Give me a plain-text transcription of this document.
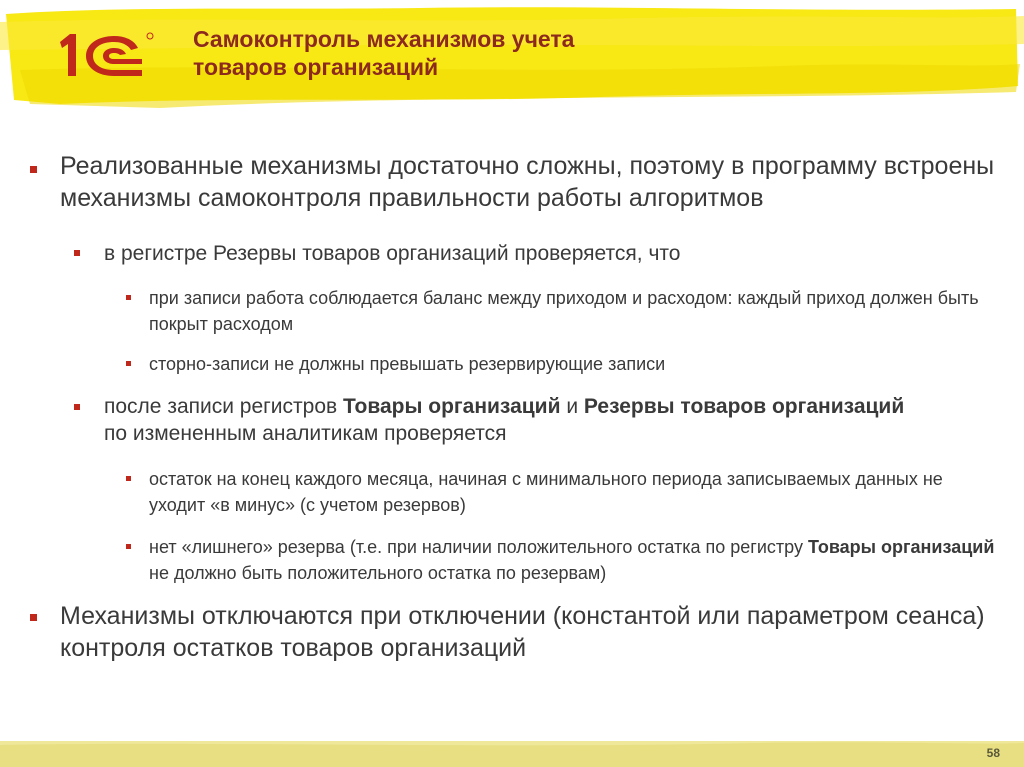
Самоконтроль механизмов учета
товаров организаций

Реализованные механизмы достаточно сложны, поэтому в программу встроены механизмы самоконтроля правильности работы алгоритмов

в регистре Резервы товаров организаций проверяется, что

при записи работа соблюдается баланс между приходом и расходом: каждый приход должен быть покрыт расходом

сторно-записи не должны превышать резервирующие записи

после записи регистров Товары организаций и Резервы товаров организаций по измененным аналитикам проверяется

остаток на конец каждого месяца, начиная с минимального периода записываемых данных не уходит «в минус» (с учетом резервов)

нет «лишнего» резерва (т.е. при наличии положительного остатка по регистру Товары организаций не должно быть положительного остатка по резервам)

Механизмы отключаются при отключении (константой или параметром сеанса) контроля остатков товаров организаций

58
